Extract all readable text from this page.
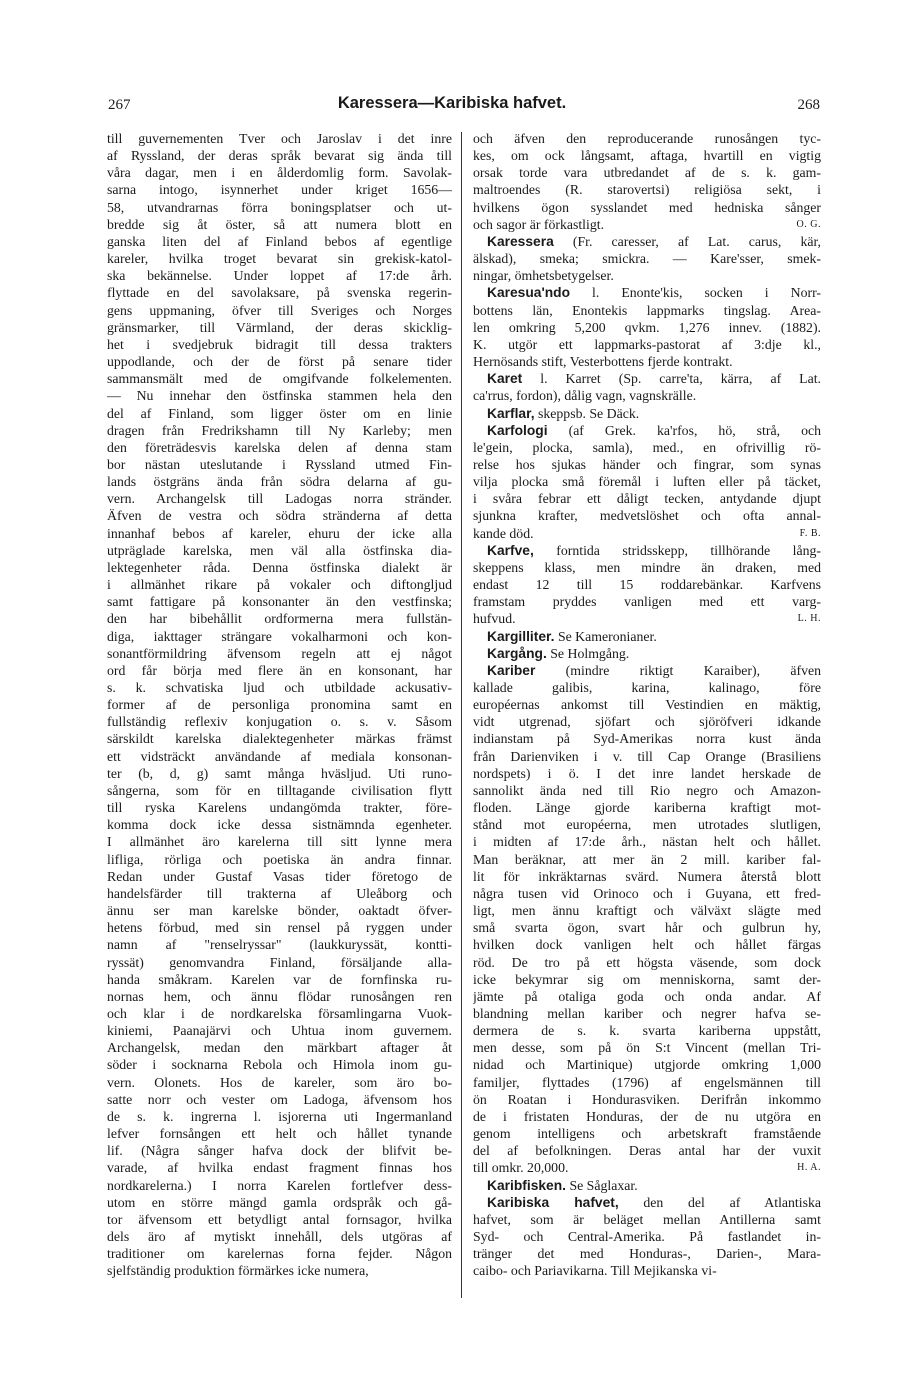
267	Karessera—Karibiska hafvet.	268
till guvernementen Tver och Jaroslav i det inre
af Ryssland, der deras språk bevarat sig ända till
våra dagar, men i en ålderdomlig form. Savolak-
sarna intogo, isynnerhet under kriget 1656—
58, utvandrarnas förra boningsplatser och ut-
bredde sig åt öster, så att numera blott en
ganska liten del af Finland bebos af egentlige
kareler, hvilka troget bevarat sin grekisk-katol-
ska bekännelse. Under loppet af 17:de årh.
flyttade en del savolaksare, på svenska regerin-
gens uppmaning, öfver till Sveriges och Norges
gränsmarker, till Värmland, der deras skicklig-
het i svedjebruk bidragit till dessa trakters
uppodlande, och der de först på senare tider
sammansmält med de omgifvande folkelementen.
— Nu innehar den östfinska stammen hela den
del af Finland, som ligger öster om en linie
dragen från Fredrikshamn till Ny Karleby; men
den företrädesvis karelska delen af denna stam
bor nästan uteslutande i Ryssland utmed Fin-
lands östgräns ända från södra delarna af gu-
vern. Archangelsk till Ladogas norra stränder.
Äfven de vestra och södra stränderna af detta
innanhaf bebos af kareler, ehuru der icke alla
utpräglade karelska, men väl alla östfinska dia-
lektegenheter råda. Denna östfinska dialekt är
i allmänhet rikare på vokaler och diftongljud
samt fattigare på konsonanter än den vestfinska;
den har bibehållit ordformerna mera fullstän-
diga, iakttager strängare vokalharmoni och kon-
sonantförmildring äfvensom regeln att ej något
ord får börja med flere än en konsonant, har
s. k. schvatiska ljud och utbildade ackusativ-
former af de personliga pronomina samt en
fullständig reflexiv konjugation o. s. v. Såsom
särskildt karelska dialektegenheter märkas främst
ett vidsträckt användande af mediala konsonan-
ter (b, d, g) samt många hväsljud. Uti runo-
sångerna, som för en tilltagande civilisation flytt
till ryska Karelens undangömda trakter, före-
komma dock icke dessa sistnämnda egenheter.
I allmänhet äro karelerna till sitt lynne mera
lifliga, rörliga och poetiska än andra finnar.
Redan under Gustaf Vasas tider företogo de
handelsfärder till trakterna af Uleåborg och
ännu ser man karelske bönder, oaktadt öfver-
hetens förbud, med sin rensel på ryggen under
namn af "renselryssar" (laukkuryssät, kontti-
ryssät) genomvandra Finland, försäljande alla-
handa småkram. Karelen var de fornfinska ru-
nornas hem, och ännu flödar runosången ren
och klar i de nordkarelska församlingarna Vuok-
kiniemi, Paanajärvi och Uhtua inom guvernem.
Archangelsk, medan den märkbart aftager åt
söder i socknarna Rebola och Himola inom gu-
vern. Olonets. Hos de kareler, som äro bo-
satte norr och vester om Ladoga, äfvensom hos
de s. k. ingrerna l. isjorerna uti Ingermanland
lefver fornsången ett helt och hållet tynande
lif. (Några sånger hafva dock der blifvit be-
varade, af hvilka endast fragment finnas hos
nordkarelerna.) I norra Karelen fortlefver dess-
utom en större mängd gamla ordspråk och gå-
tor äfvensom ett betydligt antal fornsagor, hvilka
dels äro af mytiskt innehåll, dels utgöras af
traditioner om karelernas forna fejder. Någon
sjelfständig produktion förmärkes icke numera,
och äfven den reproducerande runosången tyc-
kes, om ock långsamt, aftaga, hvartill en vigtig
orsak torde vara utbredandet af de s. k. gam-
maltroendes (R. starovertsi) religiösa sekt, i
hvilkens ögon sysslandet med hedniska sånger
och sagor är förkastligt.	O. G.
Karessera (Fr. caresser, af Lat. carus, kär,
älskad), smeka; smickra. — Kare'sser, smek-
ningar, ömhetsbetygelser.
Karesua'ndo l. Enonte'kis, socken i Norr-
bottens län, Enontekis lappmarks tingslag. Area-
len omkring 5,200 qvkm. 1,276 innev. (1882).
K. utgör ett lappmarks-pastorat af 3:dje kl.,
Hernösands stift, Vesterbottens fjerde kontrakt.
Karet l. Karret (Sp. carre'ta, kärra, af Lat.
ca'rrus, fordon), dålig vagn, vagnskrälle.
Karflar, skeppsb. Se Däck.
Karfologi (af Grek. ka'rfos, hö, strå, och
le'gein, plocka, samla), med., en ofrivillig rö-
relse hos sjukas händer och fingrar, som synas
vilja plocka små föremål i luften eller på täcket,
i svåra febrar ett dåligt tecken, antydande djupt
sjunkna krafter, medvetslöshet och ofta annal-
kande död.	F. B.
Karfve, forntida stridsskepp, tillhörande lång-
skeppens klass, men mindre än draken, med
endast 12 till 15 roddarebänkar. Karfvens
framstam pryddes vanligen med ett varg-
hufvud.	L. H.
Kargilliter. Se Kameronianer.
Kargång. Se Holmgång.
Kariber (mindre riktigt Karaiber), äfven
kallade galibis, karina, kalinago, före
européernas ankomst till Vestindien en mäktig,
vidt utgrenad, sjöfart och sjöröfveri idkande
indianstam på Syd-Amerikas norra kust ända
från Darienviken i v. till Cap Orange (Brasiliens
nordspets) i ö. I det inre landet herskade de
sannolikt ända ned till Rio negro och Amazon-
floden. Länge gjorde kariberna kraftigt mot-
stånd mot européerna, men utrotades slutligen,
i midten af 17:de årh., nästan helt och hållet.
Man beräknar, att mer än 2 mill. kariber fal-
lit för inkräktarnas svärd. Numera återstå blott
några tusen vid Orinoco och i Guyana, ett fred-
ligt, men ännu kraftigt och välväxt slägte med
små svarta ögon, svart hår och gulbrun hy,
hvilken dock vanligen helt och hållet färgas
röd. De tro på ett högsta väsende, som dock
icke bekymrar sig om menniskorna, samt der-
jämte på otaliga goda och onda andar. Af
blandning mellan kariber och negrer hafva se-
dermera de s. k. svarta kariberna uppstått,
men desse, som på ön S:t Vincent (mellan Tri-
nidad och Martinique) utgjorde omkring 1,000
familjer, flyttades (1796) af engelsmännen till
ön Roatan i Hondurasviken. Derifrån inkommo
de i fristaten Honduras, der de nu utgöra en
genom intelligens och arbetskraft framstående
del af befolkningen. Deras antal har der vuxit
till omkr. 20,000.	H. A.
Karibfisken. Se Såglaxar.
Karibiska hafvet, den del af Atlantiska
hafvet, som är beläget mellan Antillerna samt
Syd- och Central-Amerika. På fastlandet in-
tränger det med Honduras-, Darien-, Mara-
caibo- och Pariavikarna. Till Mejikanska vi-
